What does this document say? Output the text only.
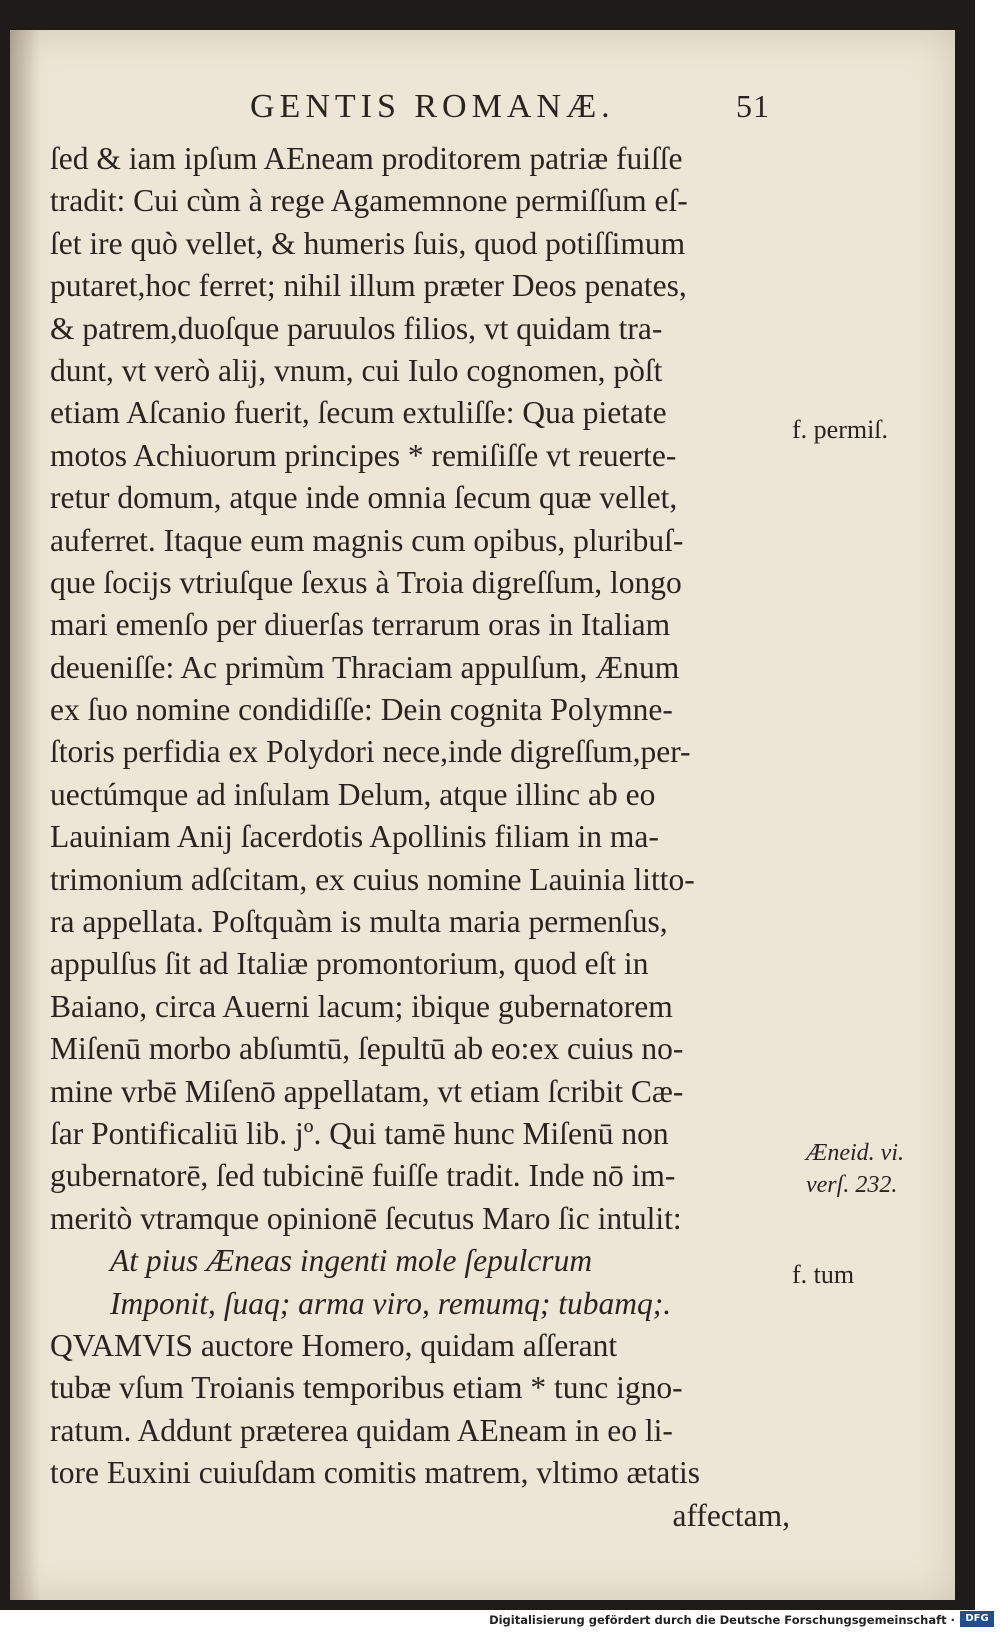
GENTIS ROMANÆ.	51
ſed & iam ipſum AEneam proditorem patriæ fuiſſe
tradit: Cui cùm à rege Agamemnone permiſſum eſ-
ſet ire quò vellet, & humeris ſuis, quod potiſſimum
putaret,hoc ferret; nihil illum præter Deos penates,
& patrem,duoſque paruulos filios, vt quidam tra-
dunt, vt verò alij, vnum, cui Iulo cognomen, pòſt
etiam Aſcanio fuerit, ſecum extuliſſe: Qua pietate
motos Achiuorum principes * remiſiſſe vt reuerte-
retur domum, atque inde omnia ſecum quæ vellet,
auferret. Itaque eum magnis cum opibus, pluribuſ-
que ſocijs vtriuſque ſexus à Troia digreſſum, longo
mari emenſo per diuerſas terrarum oras in Italiam
deueniſſe: Ac primùm Thraciam appulſum, Ænum
ex ſuo nomine condidiſſe: Dein cognita Polymne-
ſtoris perfidia ex Polydori nece,inde digreſſum,per-
uectúmque ad inſulam Delum, atque illinc ab eo
Lauiniam Anij ſacerdotis Apollinis filiam in ma-
trimonium adſcitam, ex cuius nomine Lauinia litto-
ra appellata. Poſtquàm is multa maria permenſus,
appulſus ſit ad Italiæ promontorium, quod eſt in
Baiano, circa Auerni lacum; ibique gubernatorem
Miſenū morbo abſumtū, ſepultū ab eo:ex cuius no-
mine vrbē Miſenō appellatam, vt etiam ſcribit Cæ-
ſar Pontificaliū lib. jº. Qui tamē hunc Miſenū non
gubernatorē, ſed tubicinē fuiſſe tradit. Inde nō im-
meritò vtramque opinionē ſecutus Maro ſic intulit:
At pius Æneas ingenti mole ſepulcrum
Imponit, ſuaq; arma viro, remumq; tubamq;.
QVAMVIS auctore Homero, quidam aſſerant
tubæ vſum Troianis temporibus etiam * tunc igno-
ratum. Addunt præterea quidam AEneam in eo li-
tore Euxini cuiuſdam comitis matrem, vltimo ætatis
affectam,
f. permiſ.
Æneid. vi.
verſ. 232.
f. tum
Digitalisierung gefördert durch die Deutsche Forschungsgemeinschaft ·	DFG
